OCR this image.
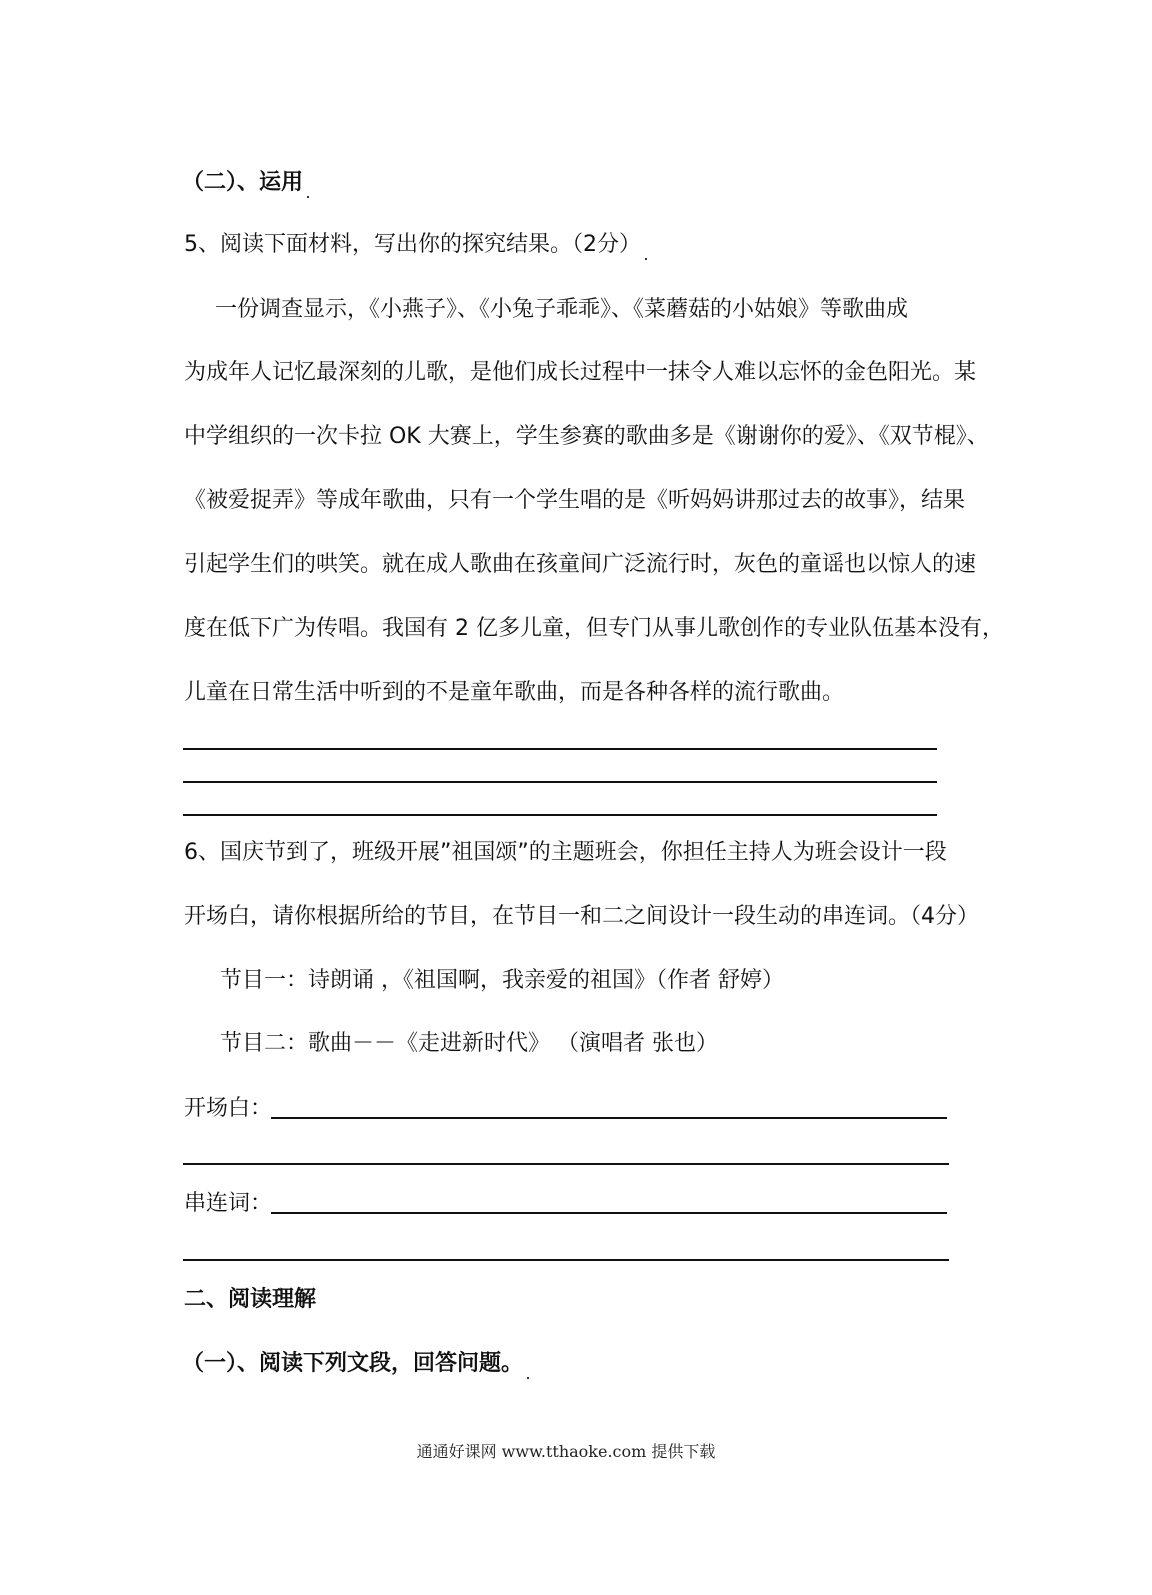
（二）、运用
5、阅读下面材料，写出你的探究结果。（2分）
一份调查显示，《小燕子》、《小兔子乖乖》、《菜蘑菇的小姑娘》等歌曲成
为成年人记忆最深刻的儿歌，是他们成长过程中一抹令人难以忘怀的金色阳光。某
中学组织的一次卡拉 OK 大赛上，学生参赛的歌曲多是《谢谢你的爱》、《双节棍》、
《被爱捉弄》等成年歌曲，只有一个学生唱的是《听妈妈讲那过去的故事》，结果
引起学生们的哄笑。就在成人歌曲在孩童间广泛流行时，灰色的童谣也以惊人的速
度在低下广为传唱。我国有 2 亿多儿童，但专门从事儿歌创作的专业队伍基本没有，
儿童在日常生活中听到的不是童年歌曲，而是各种各样的流行歌曲。
6、国庆节到了，班级开展”祖国颂”的主题班会，你担任主持人为班会设计一段
开场白，请你根据所给的节目，在节目一和二之间设计一段生动的串连词。（4分）
节目一：诗朗诵 ，《祖国啊，我亲爱的祖国》（作者 舒婷）
节目二：歌曲－－《走进新时代》 （演唱者 张也）
开场白：
串连词：
二、阅读理解
（一）、阅读下列文段，回答问题。
通通好课网 www.tthaoke.com 提供下载
